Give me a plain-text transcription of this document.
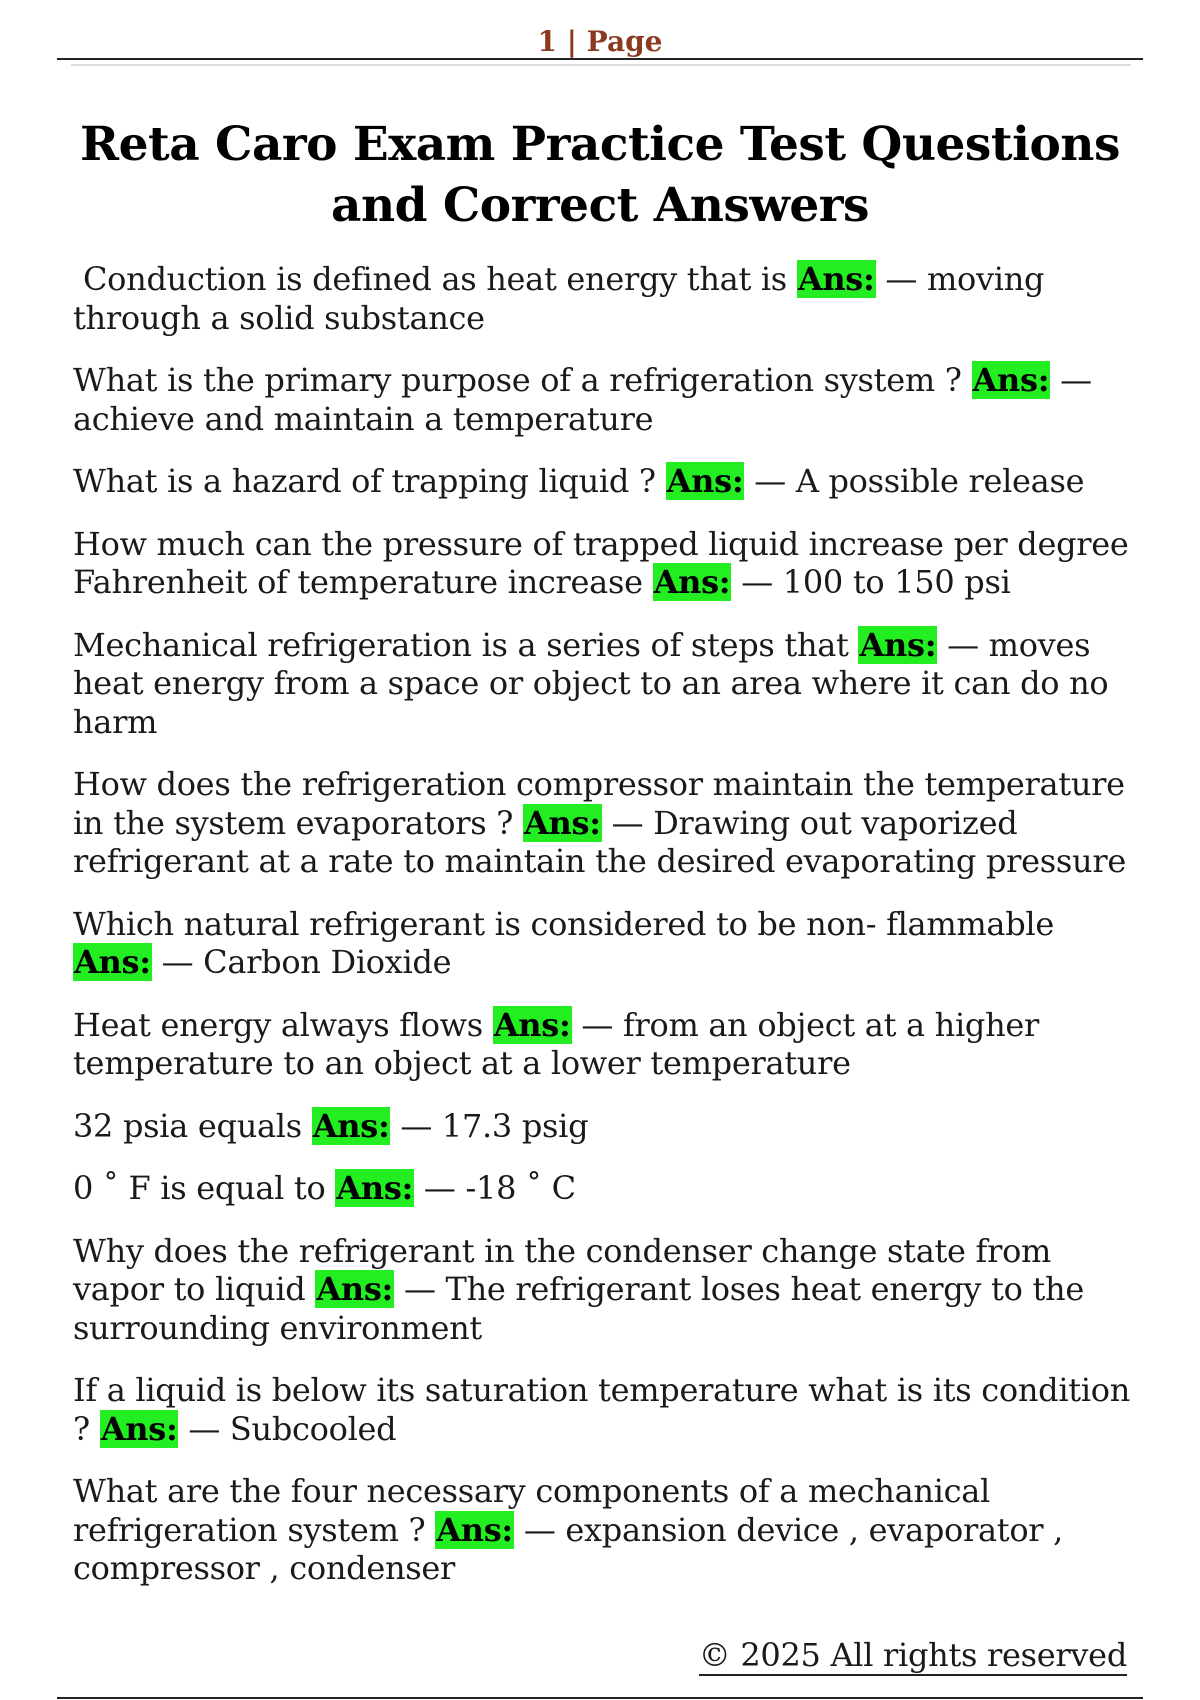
1 | Page
Reta Caro Exam Practice Test Questions and Correct Answers

Conduction is defined as heat energy that is Ans: — moving through a solid substance

What is the primary purpose of a refrigeration system ? Ans: — achieve and maintain a temperature

What is a hazard of trapping liquid ? Ans: — A possible release

How much can the pressure of trapped liquid increase per degree Fahrenheit of temperature increase Ans: — 100 to 150 psi

Mechanical refrigeration is a series of steps that Ans: — moves heat energy from a space or object to an area where it can do no harm

How does the refrigeration compressor maintain the temperature in the system evaporators ? Ans: — Drawing out vaporized refrigerant at a rate to maintain the desired evaporating pressure

Which natural refrigerant is considered to be non- flammable Ans: — Carbon Dioxide

Heat energy always flows Ans: — from an object at a higher temperature to an object at a lower temperature

32 psia equals Ans: — 17.3 psig

0 ˚ F is equal to Ans: — -18 ˚ C

Why does the refrigerant in the condenser change state from vapor to liquid Ans: — The refrigerant loses heat energy to the surrounding environment

If a liquid is below its saturation temperature what is its condition ? Ans: — Subcooled

What are the four necessary components of a mechanical refrigeration system ? Ans: — expansion device , evaporator , compressor , condenser

© 2025 All rights reserved
